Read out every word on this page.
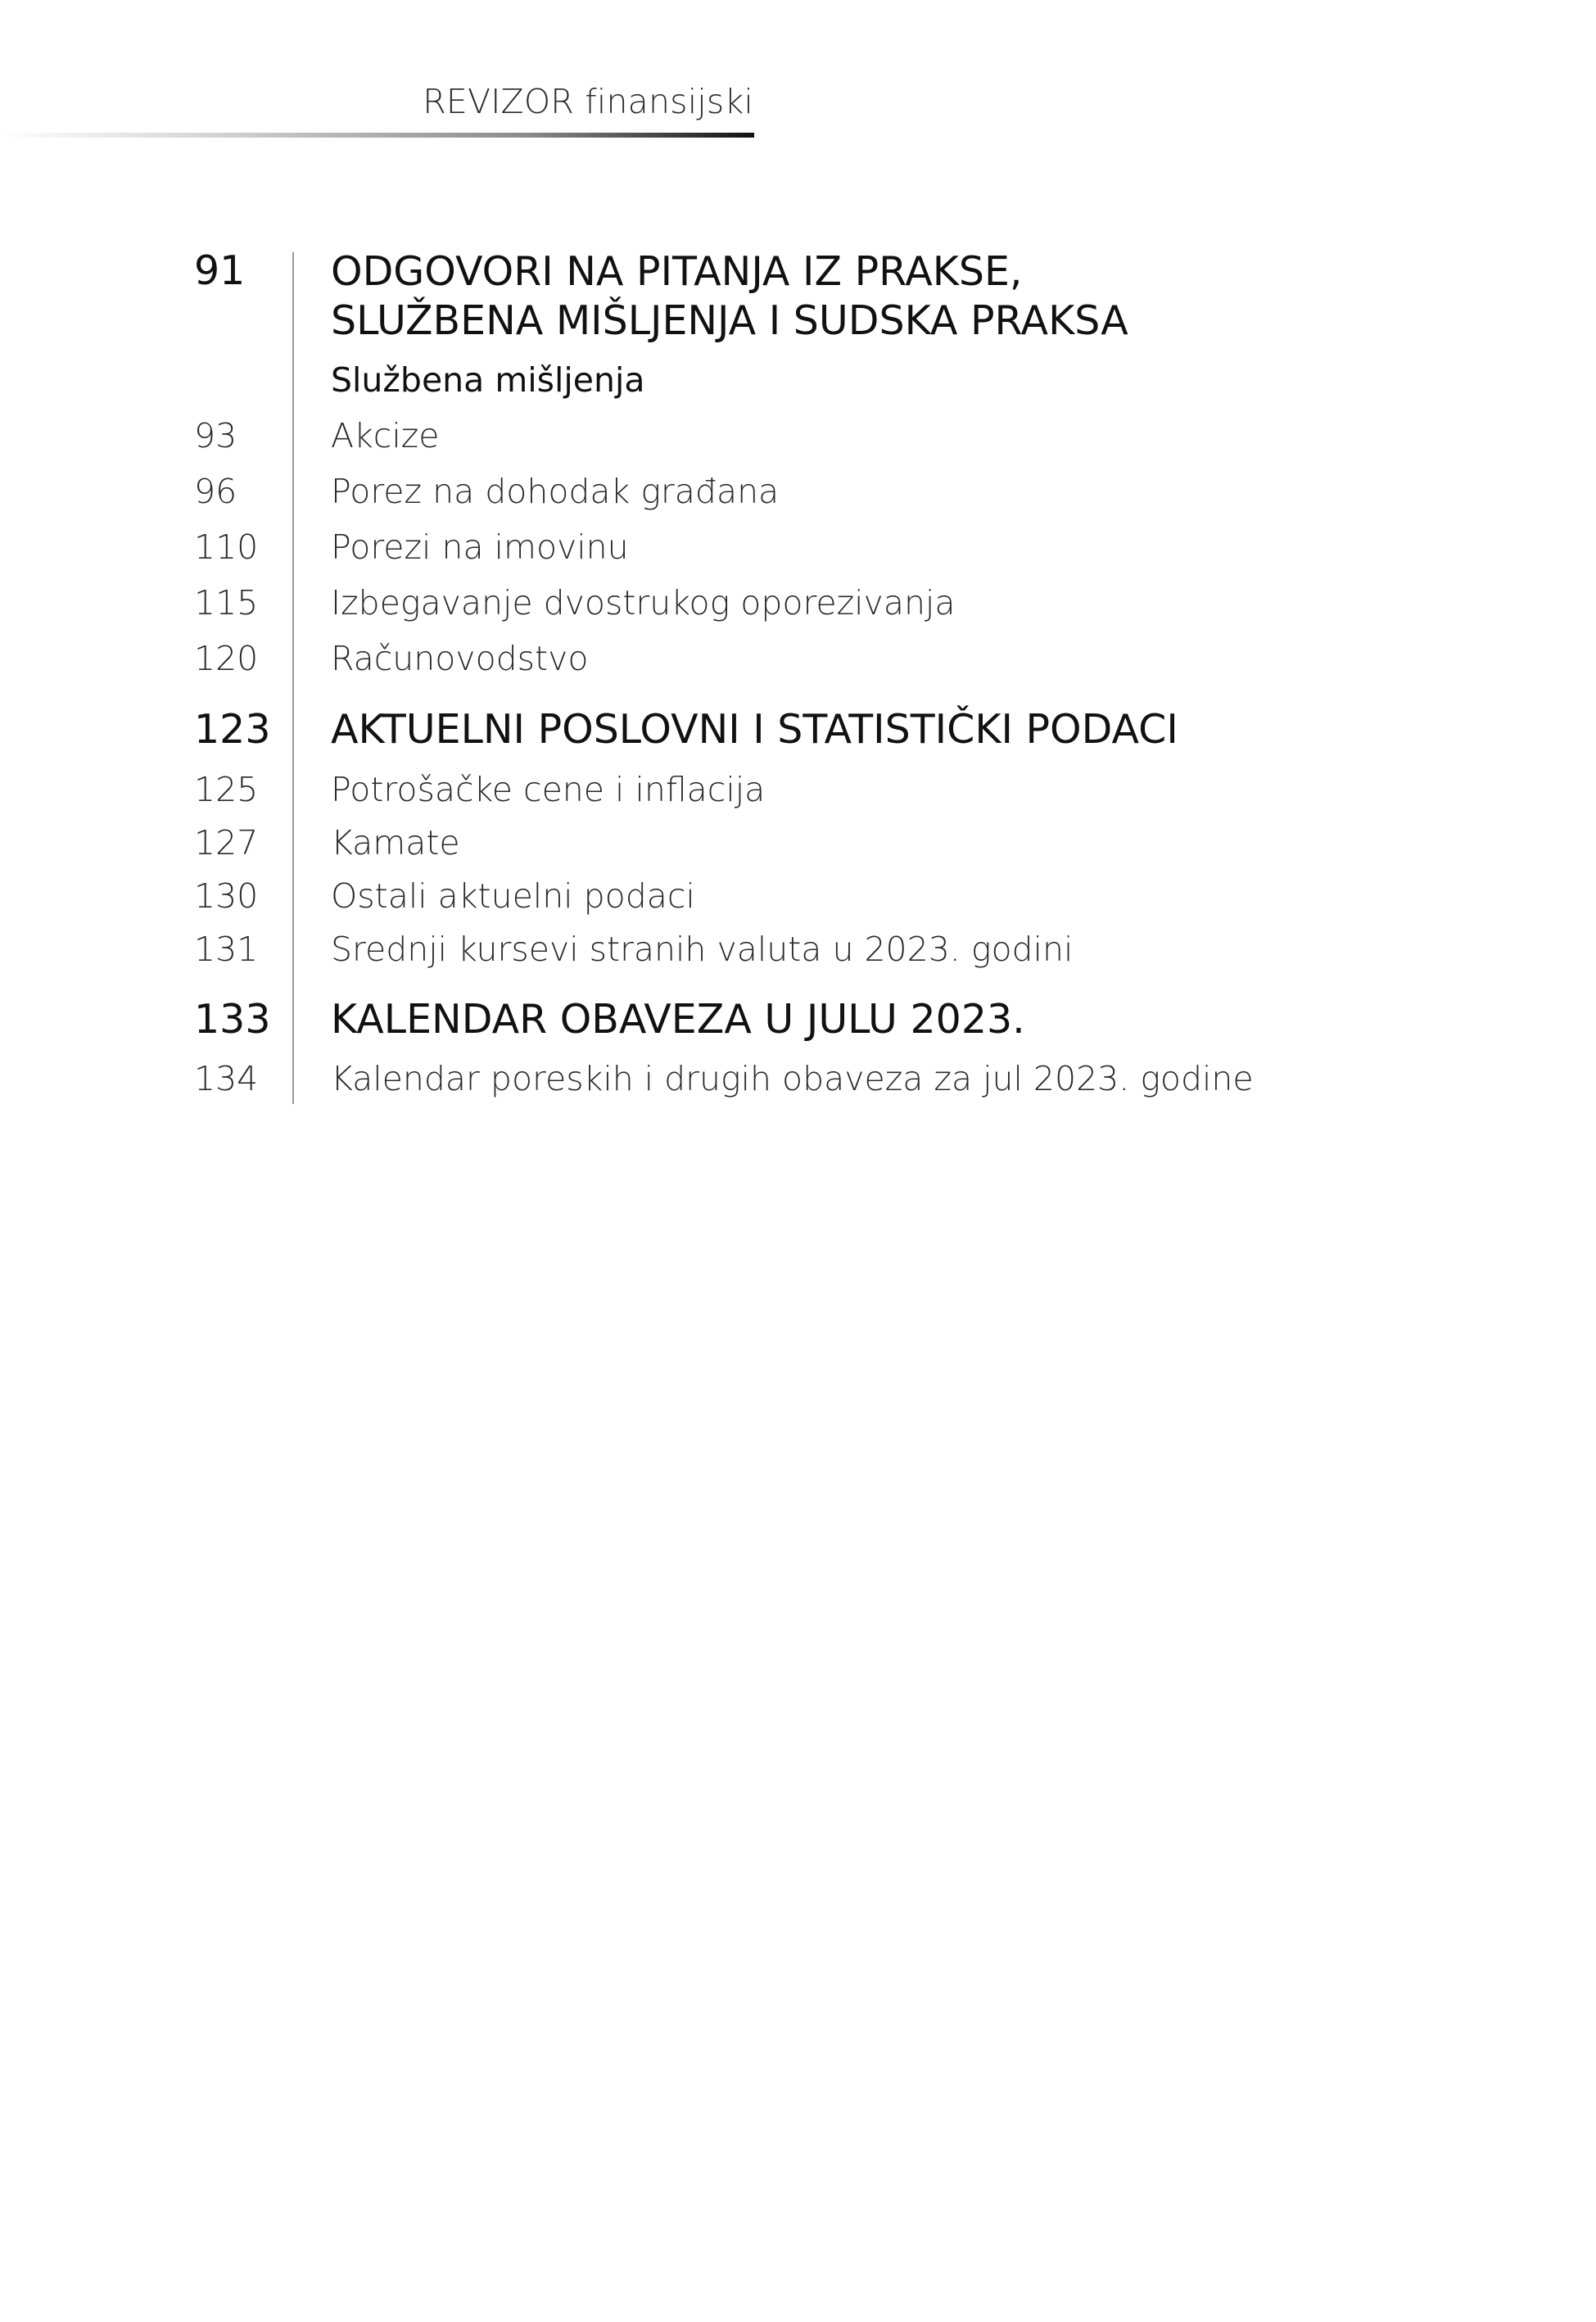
REVIZOR finansijski
91 ODGOVORI NA PITANJA IZ PRAKSE,
SLUŽBENA MIŠLJENJA I SUDSKA PRAKSA
Službena mišljenja
93	Akcize
96	Porez na dohodak građana
110 Porezi na imovinu
115 Izbegavanje dvostrukog oporezivanja
120 Računovodstvo
123 AKTUELNI POSLOVNI I STATISTIČKI PODACI
125 Potrošačke cene i inflacija
127 Kamate
130 Ostali aktuelni podaci
131 Srednji kursevi stranih valuta u 2023. godini
133 KALENDAR OBAVEZA U JULU 2023.
134 Kalendar poreskih i drugih obaveza za jul 2023. godine
